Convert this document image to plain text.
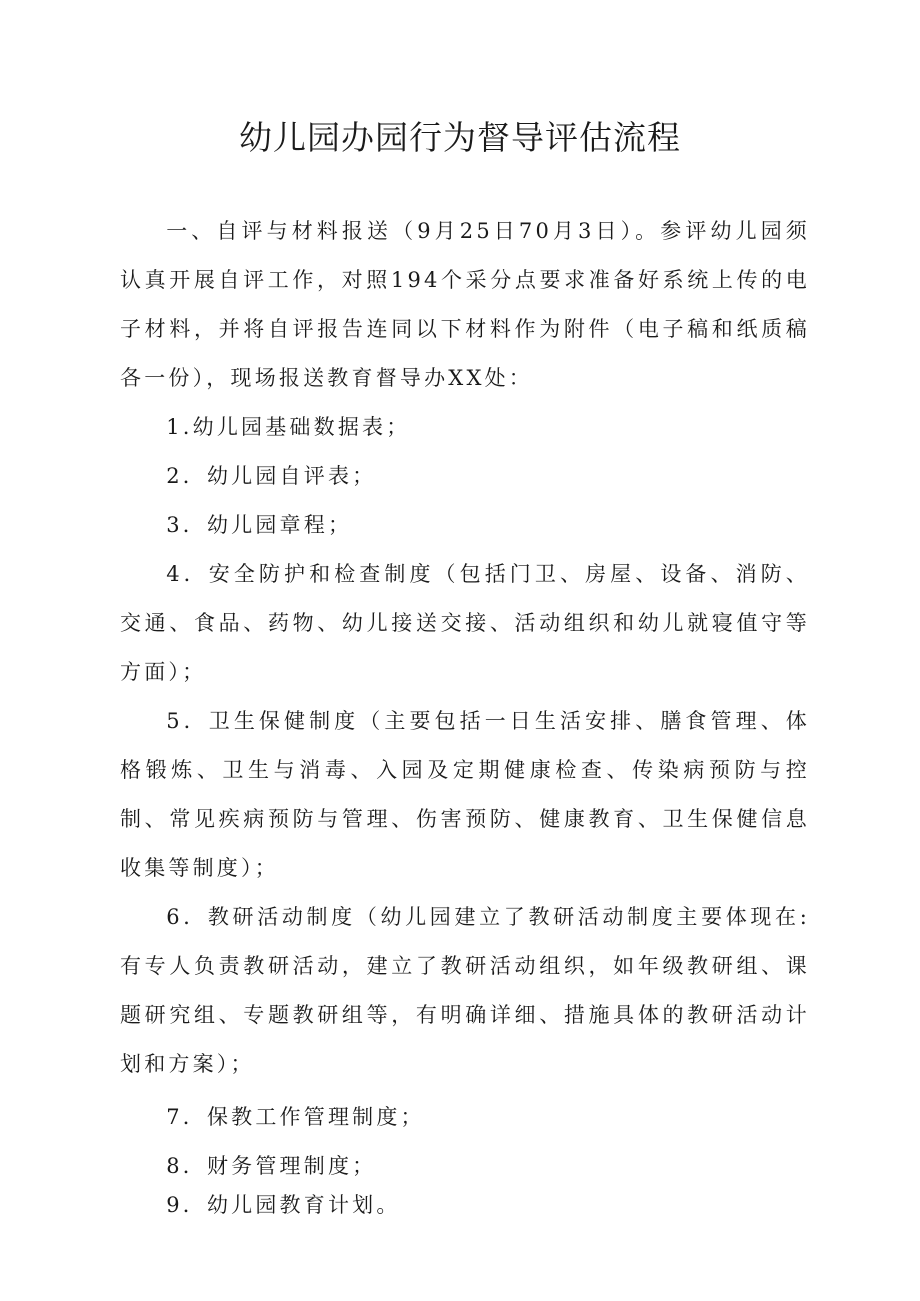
幼儿园办园行为督导评估流程

一、自评与材料报送（9月25日70月3日）。参评幼儿园须认真开展自评工作，对照194个采分点要求准备好系统上传的电子材料，并将自评报告连同以下材料作为附件（电子稿和纸质稿各一份），现场报送教育督导办XX处：

1.幼儿园基础数据表；

2．幼儿园自评表；

3．幼儿园章程；

4．安全防护和检查制度（包括门卫、房屋、设备、消防、交通、食品、药物、幼儿接送交接、活动组织和幼儿就寝值守等方面）；

5．卫生保健制度（主要包括一日生活安排、膳食管理、体格锻炼、卫生与消毒、入园及定期健康检查、传染病预防与控制、常见疾病预防与管理、伤害预防、健康教育、卫生保健信息收集等制度）；

6．教研活动制度（幼儿园建立了教研活动制度主要体现在:有专人负责教研活动，建立了教研活动组织，如年级教研组、课题研究组、专题教研组等，有明确详细、措施具体的教研活动计划和方案）；

7．保教工作管理制度；

8．财务管理制度；

9．幼儿园教育计划。
